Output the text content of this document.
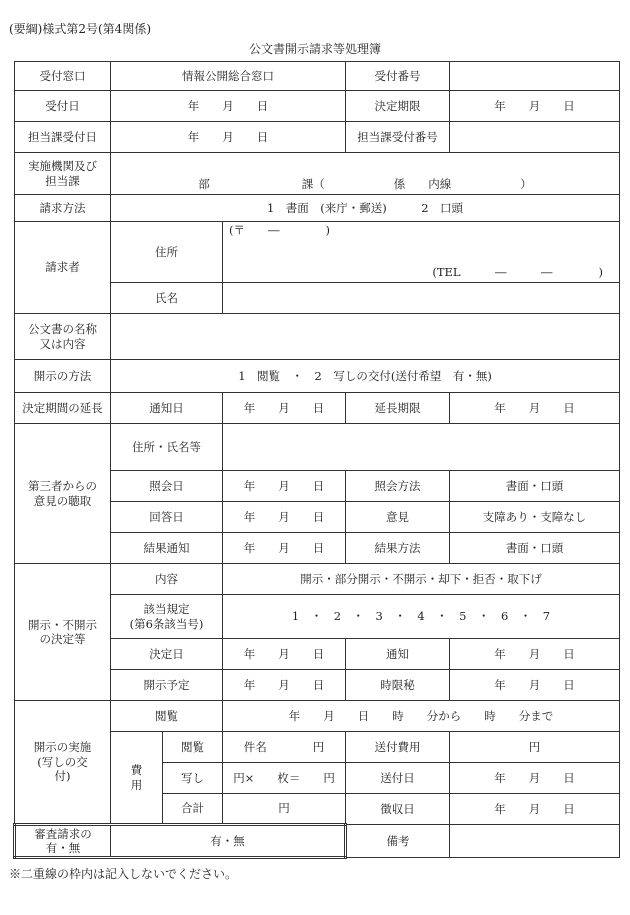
(要綱)様式第2号(第4関係)
公文書開示請求等処理簿
受付窓口	情報公開総合窓口			受付番号	
受付日	年　　月　　日			決定期限	年　　月　　日
担当課受付日	年　　月　　日			担当課受付番号	
実施機関及び
担当課	部　　　　　　　　課（　　　　　　係　　内線　　　　　　）				
請求方法	1　書面　(来庁・郵送)　　　2　口頭				
請求者	住所		(〒　　―　　　　)
(TEL　　　―　　　―　　　　)		

	氏名				
公文書の名称
又は内容					
開示の方法	1　閲覧　・　2　写しの交付(送付希望　有・無)				
決定期間の延長	通知日		年　　月　　日	延長期限	年　　月　　日
第三者からの
意見の聴取	住所・氏名等				
	照会日		年　　月　　日	照会方法	書面・口頭
	回答日		年　　月　　日	意見	支障あり・支障なし
	結果通知		年　　月　　日	結果方法	書面・口頭
開示・不開示
の決定等	内容		開示・部分開示・不開示・却下・拒否・取下げ		
	該当規定
(第6条該当号)		1　・　2　・　3　・　4　・　5　・　6　・　7		
	決定日		年　　月　　日	通知	年　　月　　日
	開示予定		年　　月　　日	時限秘	年　　月　　日
開示の実施
(写しの交
付)	閲覧		年　　月　　日　　時　　分から　　時　　分まで		
	費
用	閲覧	件名　　　　円	送付費用	円
		写し	円×　　枚＝　　円	送付日	年　　月　　日
		合計	円	徴収日	年　　月　　日
審査請求の
有・無	有・無			備考	
※二重線の枠内は記入しないでください。
